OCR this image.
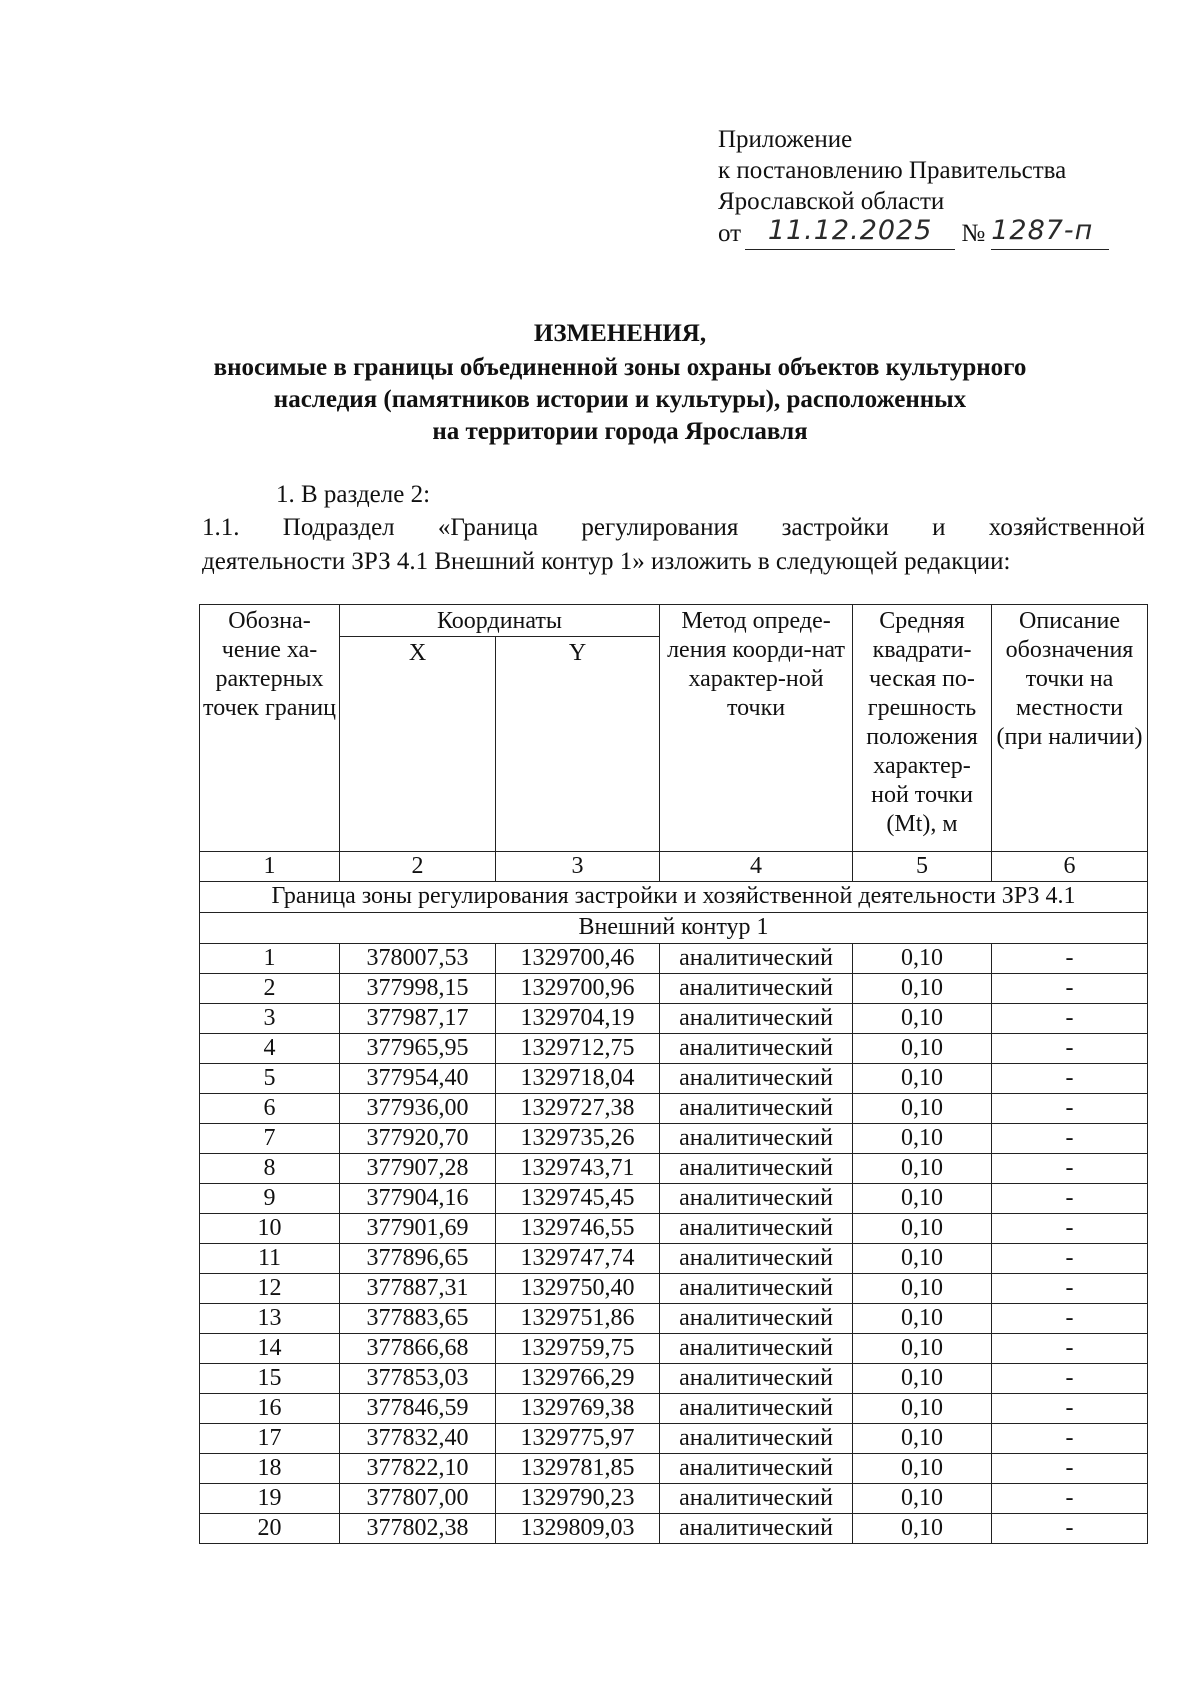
Приложение
к постановлению Правительства
Ярославской области
от 11.12.2025 № 1287-п
ИЗМЕНЕНИЯ,
вносимые в границы объединенной зоны охраны объектов культурного
наследия (памятников истории и культуры), расположенных
на территории города Ярославля
1. В разделе 2:
1.1. Подраздел «Граница регулирования застройки и хозяйственной
деятельности ЗРЗ 4.1 Внешний контур 1» изложить в следующей редакции:
Обозна-чение ха-рактерных точек границ	Координаты		Метод опреде-ления коорди-нат характер-ной точки	Средняя квадрати-ческая по-грешность положения характер-ной точки (Mt), м	Описание обозначения точки на местности (при наличии)
	X	Y			
1	2	3	4	5	6
Граница зоны регулирования застройки и хозяйственной деятельности ЗРЗ 4.1					
Внешний контур 1					
1	378007,53	1329700,46	аналитический	0,10	-
2	377998,15	1329700,96	аналитический	0,10	-
3	377987,17	1329704,19	аналитический	0,10	-
4	377965,95	1329712,75	аналитический	0,10	-
5	377954,40	1329718,04	аналитический	0,10	-
6	377936,00	1329727,38	аналитический	0,10	-
7	377920,70	1329735,26	аналитический	0,10	-
8	377907,28	1329743,71	аналитический	0,10	-
9	377904,16	1329745,45	аналитический	0,10	-
10	377901,69	1329746,55	аналитический	0,10	-
11	377896,65	1329747,74	аналитический	0,10	-
12	377887,31	1329750,40	аналитический	0,10	-
13	377883,65	1329751,86	аналитический	0,10	-
14	377866,68	1329759,75	аналитический	0,10	-
15	377853,03	1329766,29	аналитический	0,10	-
16	377846,59	1329769,38	аналитический	0,10	-
17	377832,40	1329775,97	аналитический	0,10	-
18	377822,10	1329781,85	аналитический	0,10	-
19	377807,00	1329790,23	аналитический	0,10	-
20	377802,38	1329809,03	аналитический	0,10	-
